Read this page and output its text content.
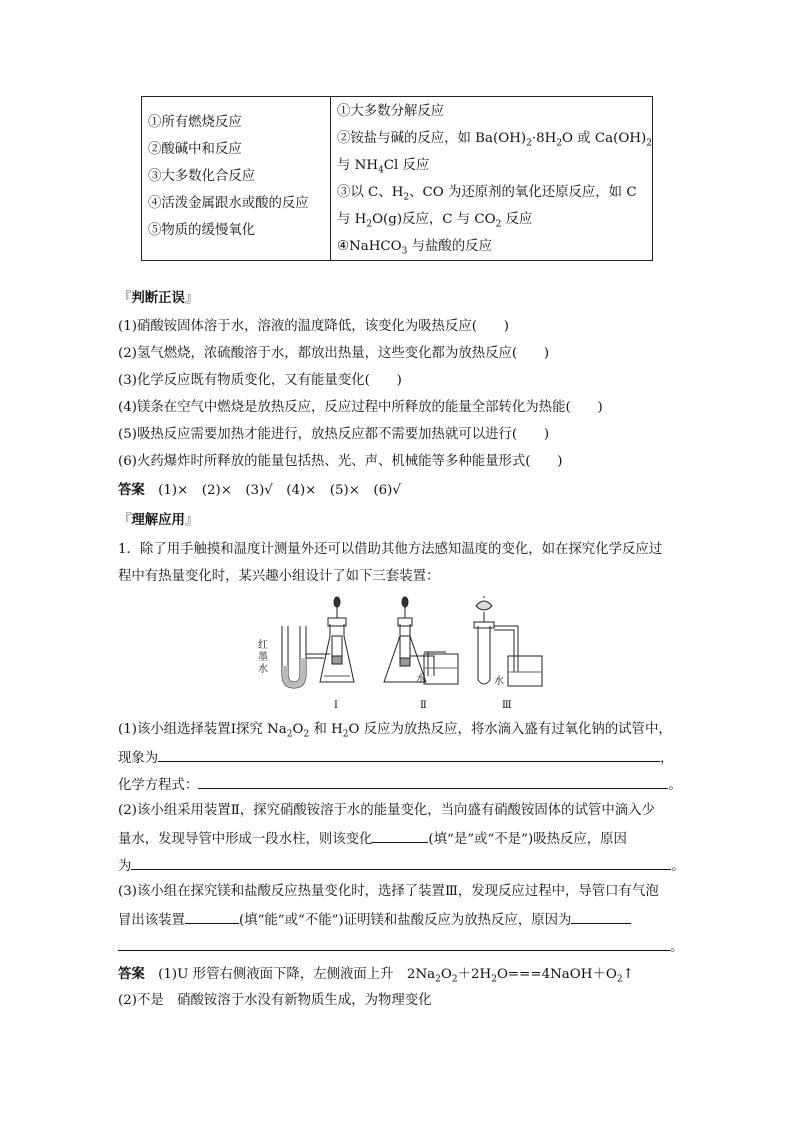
①所有燃烧反应
②酸碱中和反应
③大多数化合反应
④活泼金属跟水或酸的反应
⑤物质的缓慢氧化

①大多数分解反应
②铵盐与碱的反应，如 $Ba(OH)_2\cdot 8H_2O$ 或 $Ca(OH)_2$
与 $NH_4Cl$ 反应
③以 C、$H_2$、CO 为还原剂的氧化还原反应，如 C
与 $H_2O(g)$反应，C 与 $CO_2$ 反应
④NaHCO$_3$ 与盐酸的反应
『判断正误』
(1)硝酸铵固体溶于水，溶液的温度降低，该变化为吸热反应(　　)
(2)氢气燃烧，浓硫酸溶于水，都放出热量，这些变化都为放热反应(　　)
(3)化学反应既有物质变化，又有能量变化(　　)
(4)镁条在空气中燃烧是放热反应，反应过程中所释放的能量全部转化为热能(　　)
(5)吸热反应需要加热才能进行，放热反应都不需要加热就可以进行(　　)
(6)火药爆炸时所释放的能量包括热、光、声、机械能等多种能量形式(　　)
答案　 (1)×　(2)×　(3)√　(4)×　(5)×　(6)√
『理解应用』
1．除了用手触摸和温度计测量外还可以借助其他方法感知温度的变化，如在探究化学反应过
程中有热量变化时，某兴趣小组设计了如下三套装置：
红
墨
水
水	水
Ⅰ	Ⅱ	Ⅲ
(1)该小组选择装置Ⅰ探究 $Na_2O_2$ 和 $H_2O$ 反应为放热反应，将水滴入盛有过氧化钠的试管中，
现象为	，
化学方程式：	。
(2)该小组采用装置Ⅱ，探究硝酸铵溶于水的能量变化，当向盛有硝酸铵固体的试管中滴入少
量水，发现导管中形成一段水柱，则该变化	(填“是”或“不是”)吸热反应，原因
为	。
(3)该小组在探究镁和盐酸反应热量变化时，选择了装置Ⅲ，发现反应过程中，导管口有气泡
冒出该装置	(填“能”或“不能”)证明镁和盐酸反应为放热反应，原因为
。
答案　 (1)U 形管右侧液面下降，左侧液面上升　$2Na_2O_2+2H_2O===4NaOH+O_2↑$
(2)不是　硝酸铵溶于水没有新物质生成，为物理变化
